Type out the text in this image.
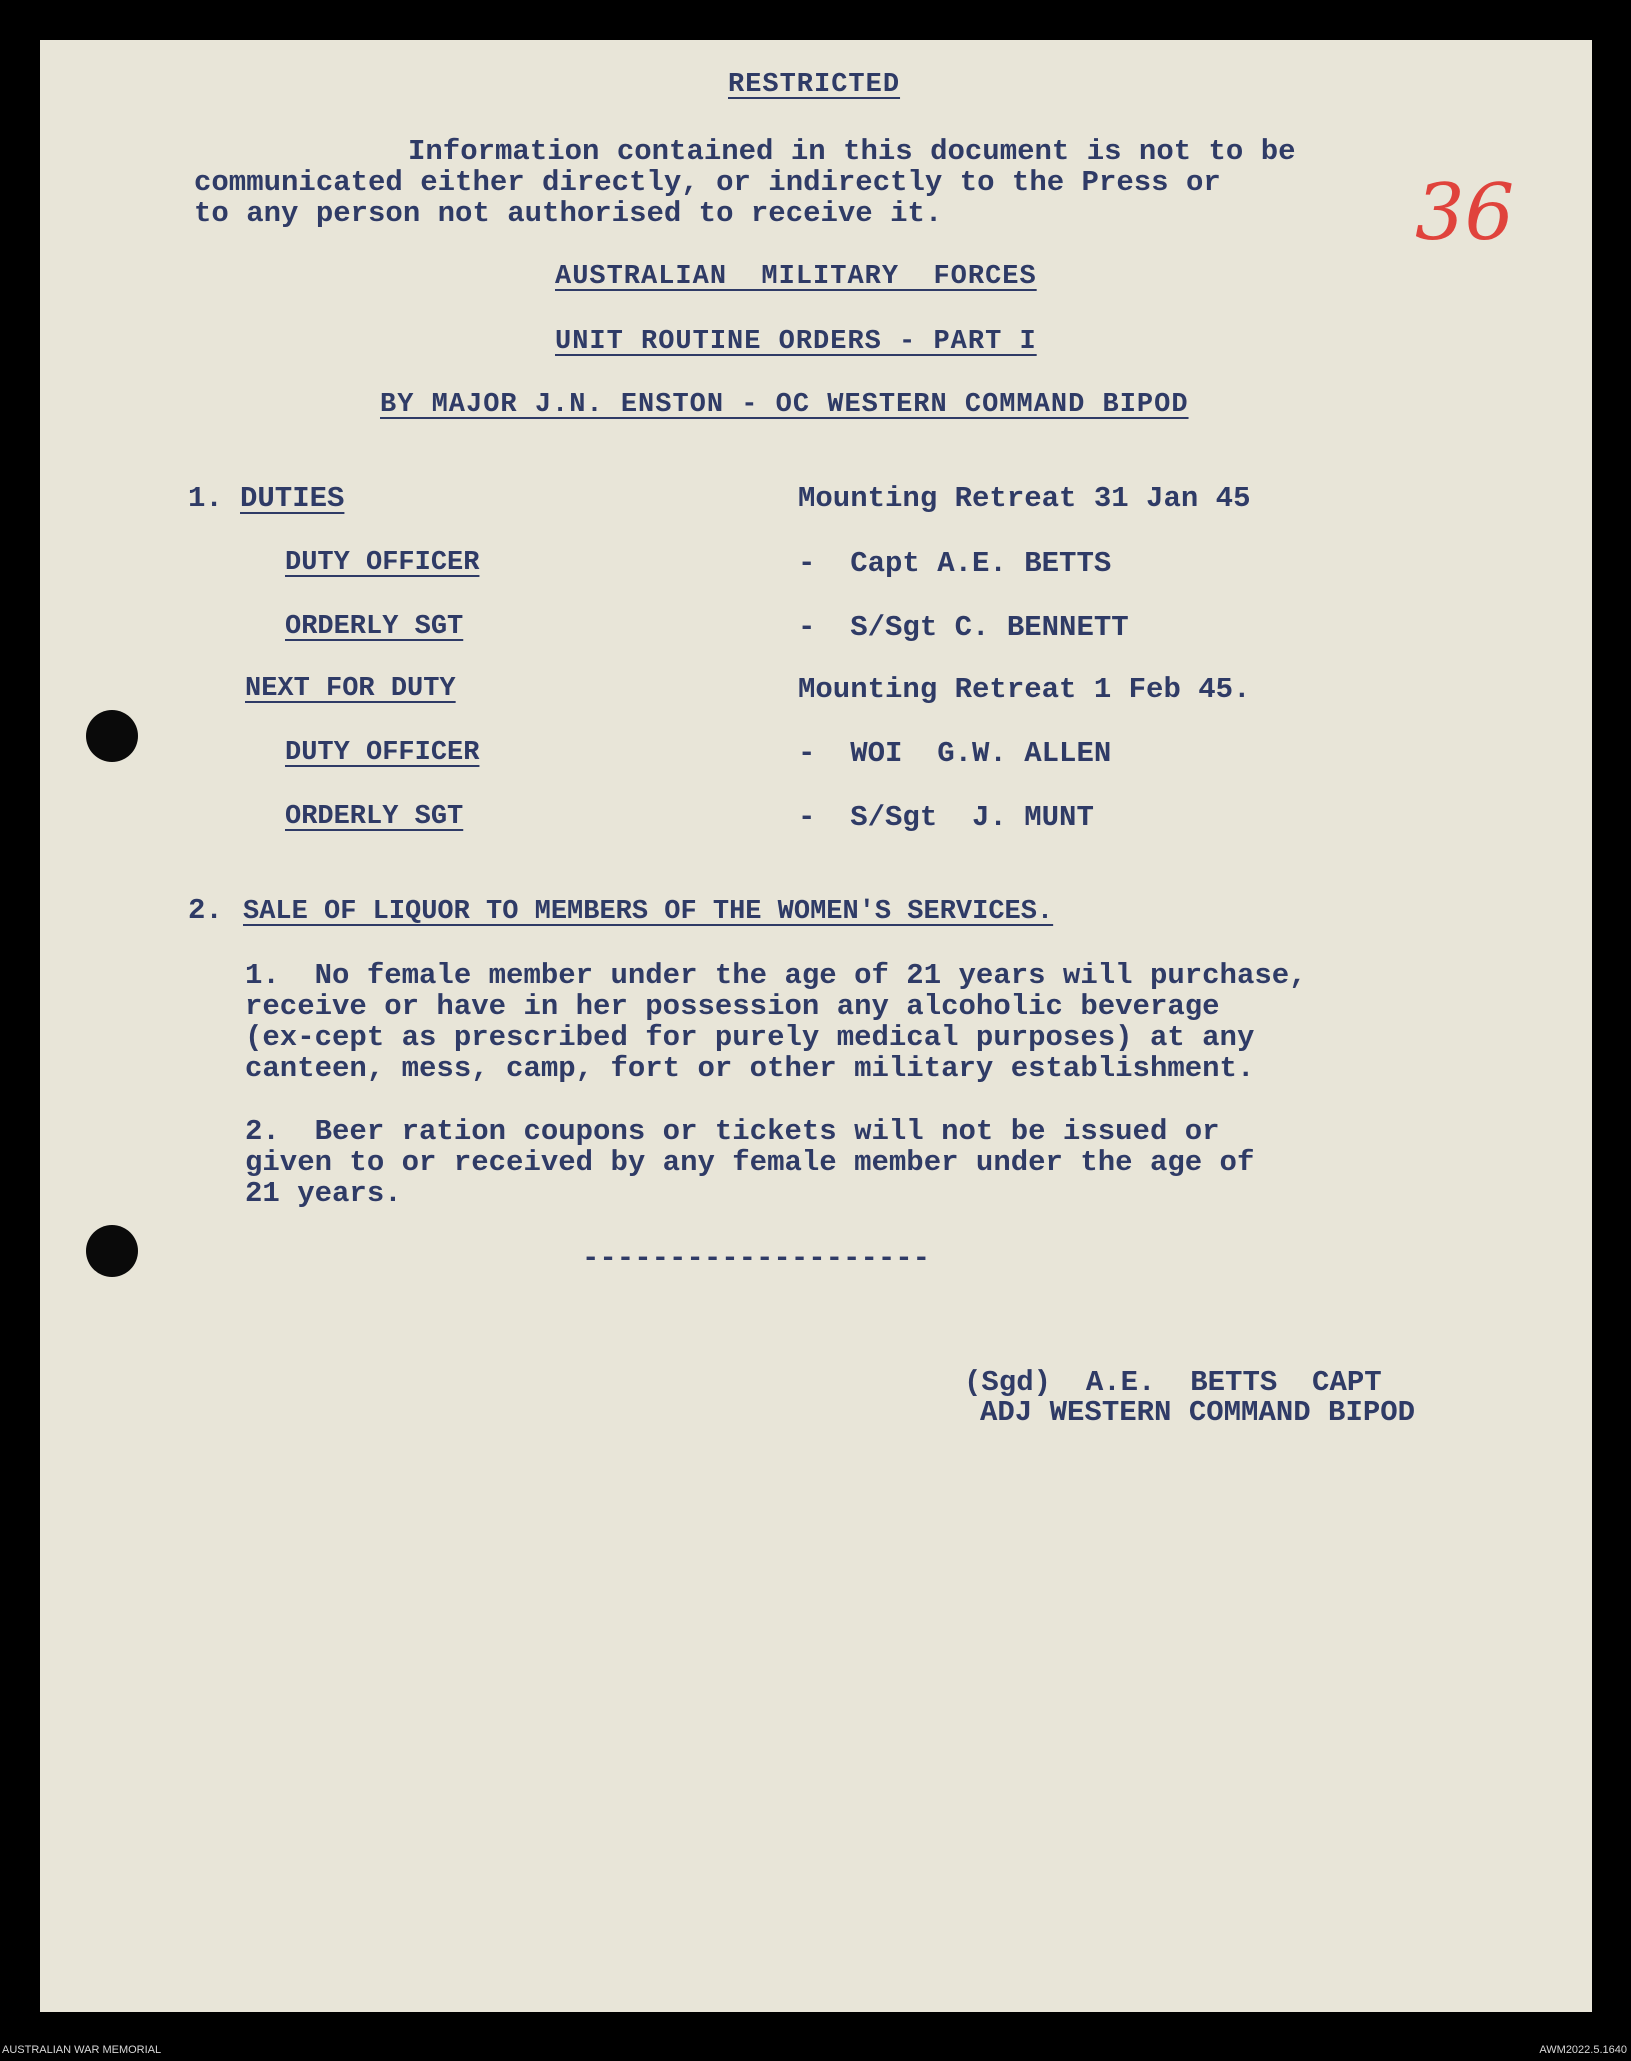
RESTRICTED
Information contained in this document is not to be
communicated either directly, or indirectly to the Press or
to any person not authorised to receive it.	36
AUSTRALIAN  MILITARY  FORCES
UNIT ROUTINE ORDERS - PART I
BY MAJOR J.N. ENSTON - OC WESTERN COMMAND BIPOD
1. DUTIES	Mounting Retreat 31 Jan 45
DUTY OFFICER	-  Capt A.E. BETTS
ORDERLY SGT	-  S/Sgt C. BENNETT
NEXT FOR DUTY	Mounting Retreat 1 Feb 45.
DUTY OFFICER	-  WOI  G.W. ALLEN
ORDERLY SGT	-  S/Sgt  J. MUNT
2. SALE OF LIQUOR TO MEMBERS OF THE WOMEN'S SERVICES.
1.  No female member under the age of 21 years will purchase,
receive or have in her possession any alcoholic beverage
(ex-cept as prescribed for purely medical purposes) at any
canteen, mess, camp, fort or other military establishment.
2.  Beer ration coupons or tickets will not be issued or
given to or received by any female member under the age of
21 years.
--------------------
(Sgd)  A.E.  BETTS  CAPT
ADJ WESTERN COMMAND BIPOD
AUSTRALIAN WAR MEMORIAL	AWM2022.5.1640
